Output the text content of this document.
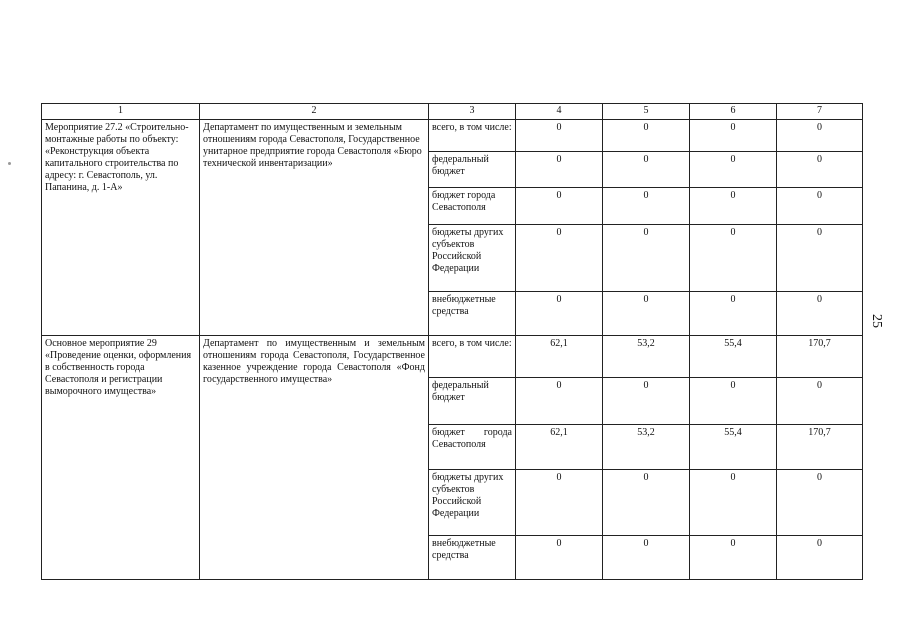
1	2	3	4	5	6	7
Мероприятие 27.2 «Строительно-монтажные работы по объекту: «Реконструкция объекта капитального строительства по адресу: г. Севастополь, ул. Папанина, д. 1-А»	Департамент по имущественным и земельным отношениям города Севастополя, Государственное унитарное предприятие города Севастополя «Бюро технической инвентаризации»	всего, в том числе:	0	0	0	0
		федеральный бюджет	0	0	0	0
		бюджет города Севастополя	0	0	0	0
		бюджеты других субъектов Российской Федерации	0	0	0	0
		внебюджетные средства	0	0	0	0
Основное мероприятие 29 «Проведение оценки, оформления в собственность города Севастополя и регистрации выморочного имущества»	Департамент по имущественным и земельным отношениям города Севастополя, Государственное казенное учреждение города Севастополя «Фонд государственного имущества»	всего, в том числе:	62,1	53,2	55,4	170,7
		федеральный бюджет	0	0	0	0
		бюджет города Севастополя	62,1	53,2	55,4	170,7
		бюджеты других субъектов Российской Федерации	0	0	0	0
		внебюджетные средства	0	0	0	0
25
